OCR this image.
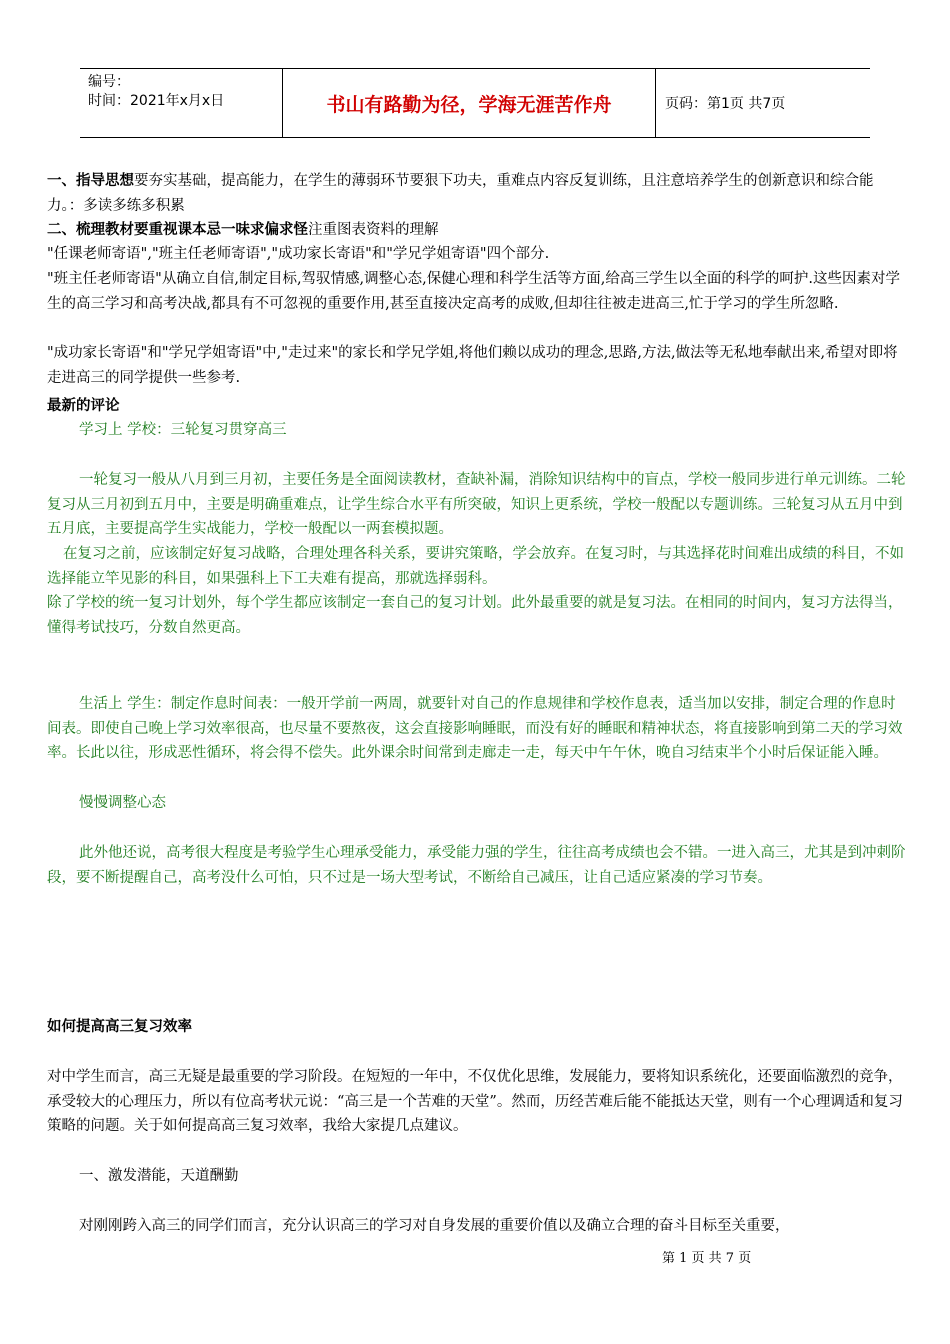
编号：
时间：2021年x月x日	书山有路勤为径，学海无涯苦作舟	页码：第1页 共7页

一、指导思想要夯实基础，提高能力，在学生的薄弱环节要狠下功夫，重难点内容反复训练，且注意培养学生的创新意识和综合能力。：多读多练多积累

二、梳理教材要重视课本忌一味求偏求怪注重图表资料的理解

"任课老师寄语","班主任老师寄语","成功家长寄语"和"学兄学姐寄语"四个部分.

"班主任老师寄语"从确立自信,制定目标,驾驭情感,调整心态,保健心理和科学生活等方面,给高三学生以全面的科学的呵护.这些因素对学生的高三学习和高考决战,都具有不可忽视的重要作用,甚至直接决定高考的成败,但却往往被走进高三,忙于学习的学生所忽略.

"成功家长寄语"和"学兄学姐寄语"中,"走过来"的家长和学兄学姐,将他们赖以成功的理念,思路,方法,做法等无私地奉献出来,希望对即将走进高三的同学提供一些参考.

最新的评论

学习上 学校：三轮复习贯穿高三

一轮复习一般从八月到三月初，主要任务是全面阅读教材，查缺补漏，消除知识结构中的盲点，学校一般同步进行单元训练。二轮复习从三月初到五月中，主要是明确重难点，让学生综合水平有所突破，知识上更系统，学校一般配以专题训练。三轮复习从五月中到五月底，主要提高学生实战能力，学校一般配以一两套模拟题。

在复习之前，应该制定好复习战略，合理处理各科关系，要讲究策略，学会放弃。在复习时，与其选择花时间难出成绩的科目，不如选择能立竿见影的科目，如果强科上下工夫难有提高，那就选择弱科。

除了学校的统一复习计划外，每个学生都应该制定一套自己的复习计划。此外最重要的就是复习法。在相同的时间内，复习方法得当，懂得考试技巧，分数自然更高。

生活上 学生：制定作息时间表：一般开学前一两周，就要针对自己的作息规律和学校作息表，适当加以安排，制定合理的作息时间表。即使自己晚上学习效率很高，也尽量不要熬夜，这会直接影响睡眠，而没有好的睡眠和精神状态，将直接影响到第二天的学习效率。长此以往，形成恶性循环，将会得不偿失。此外课余时间常到走廊走一走，每天中午午休，晚自习结束半个小时后保证能入睡。

慢慢调整心态

此外他还说，高考很大程度是考验学生心理承受能力，承受能力强的学生，往往高考成绩也会不错。一进入高三，尤其是到冲刺阶段，要不断提醒自己，高考没什么可怕，只不过是一场大型考试，不断给自己减压，让自己适应紧凑的学习节奏。

如何提高高三复习效率

对中学生而言，高三无疑是最重要的学习阶段。在短短的一年中，不仅优化思维，发展能力，要将知识系统化，还要面临激烈的竞争，承受较大的心理压力，所以有位高考状元说：“高三是一个苦难的天堂”。然而，历经苦难后能不能抵达天堂，则有一个心理调适和复习策略的问题。关于如何提高高三复习效率，我给大家提几点建议。

一、激发潜能，天道酬勤

对刚刚跨入高三的同学们而言，充分认识高三的学习对自身发展的重要价值以及确立合理的奋斗目标至关重要，

第 1 页 共 7 页
